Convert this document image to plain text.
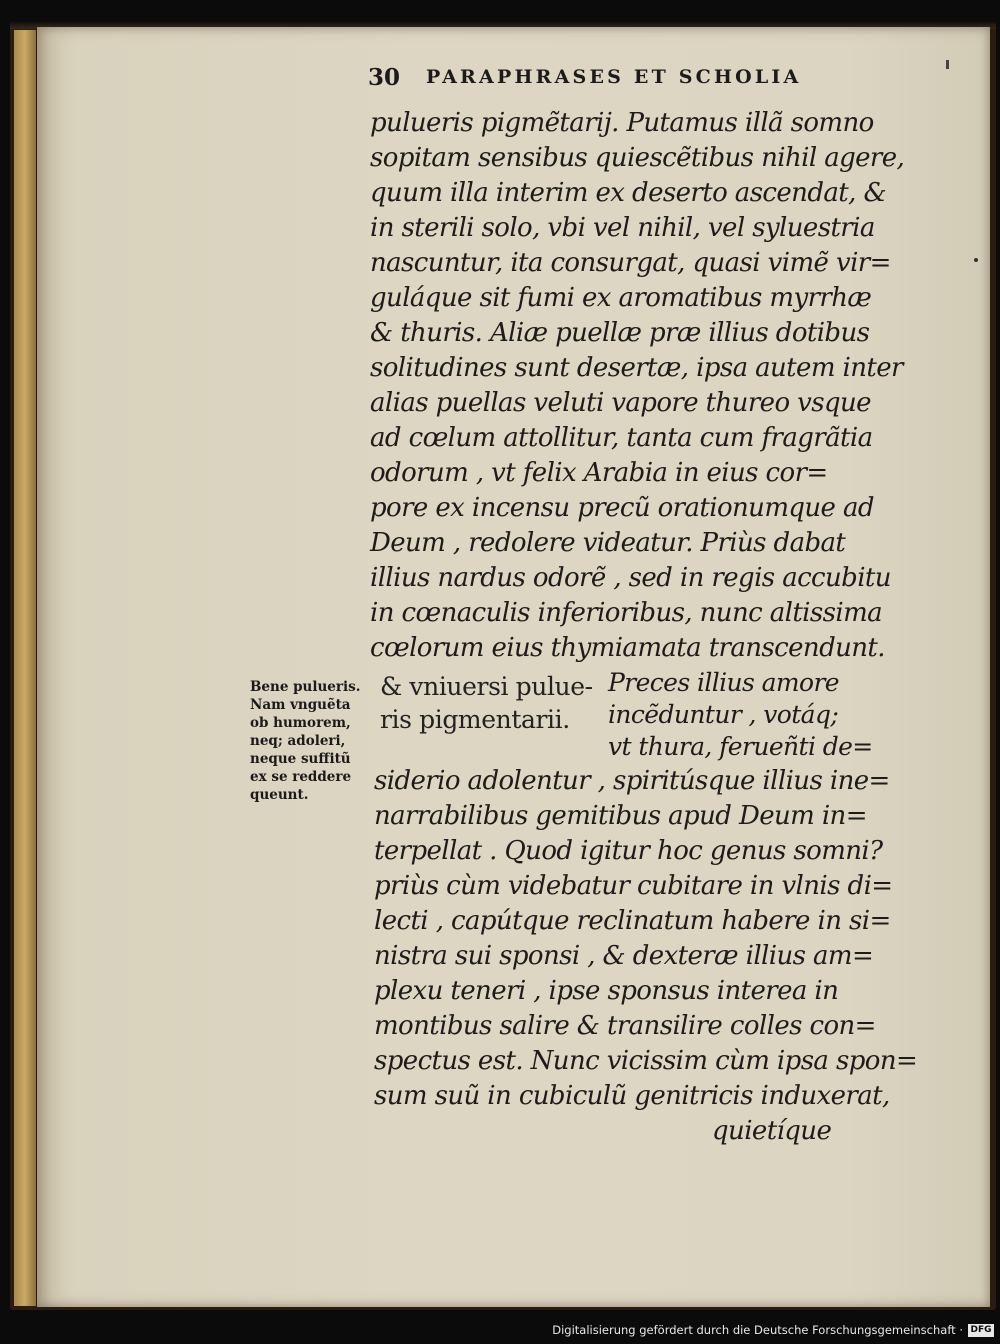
30 PARAPHRASES ET SCHOLIA
pulueris pigmẽtarij. Putamus illã somno
sopitam sensibus quiescẽtibus nihil agere,
quum illa interim ex deserto ascendat, &
in sterili solo, vbi vel nihil, vel syluestria
nascuntur, ita consurgat, quasi vimẽ vir=
guláque sit fumi ex aromatibus myrrhæ
& thuris. Aliæ puellæ præ illius dotibus
solitudines sunt desertæ, ipsa autem inter
alias puellas veluti vapore thureo vsque
ad cœlum attollitur, tanta cum fragrãtia
odorum , vt felix Arabia in eius cor=
pore ex incensu precũ orationumque ad
Deum , redolere videatur. Priùs dabat
illius nardus odorẽ , sed in regis accubitu
in cœnaculis inferioribus, nunc altissima
cœlorum eius thymiamata transcendunt.
Preces illius amore
incẽduntur , votáq;
vt thura, ferueñti de=
siderio adolentur , spiritúsque illius ine=
narrabilibus gemitibus apud Deum in=
terpellat . Quod igitur hoc genus somni?
priùs cùm videbatur cubitare in vlnis di=
lecti , capútque reclinatum habere in si=
nistra sui sponsi , & dexteræ illius am=
plexu teneri , ipse sponsus interea in
montibus salire & transilire colles con=
spectus est. Nunc vicissim cùm ipsa spon=
sum suũ in cubiculũ genitricis induxerat,
quietíque
& vniuersi pulue-
ris pigmentarii.
Bene pulueris.
Nam vnguẽta
ob humorem,
neq; adoleri,
neque suffitũ
ex se reddere
queunt.
Digitalisierung gefördert durch die Deutsche Forschungsgemeinschaft · DFG
